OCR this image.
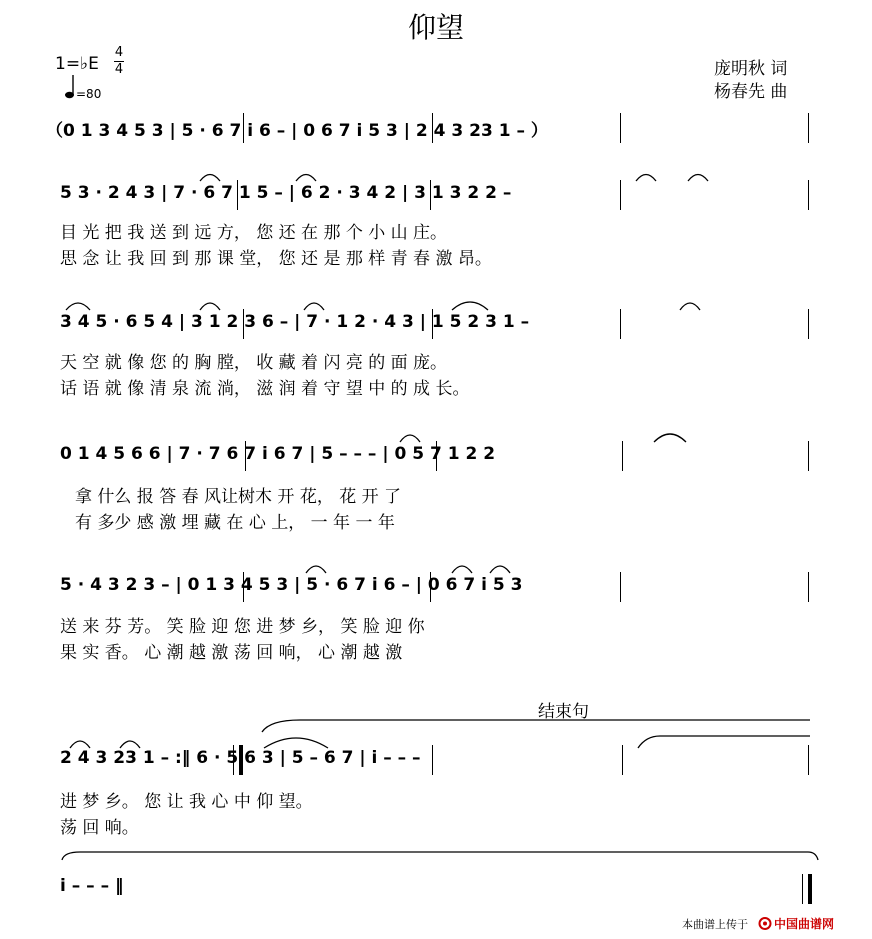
仰望
1=♭E
4
4
=80
庞明秋 词
杨春先 曲
（0 1 3 4 5 3 | 5 · 6 7 i 6 – | 0 6 7 i 5 3 | 2 4 3 23 1 – ）
5 3 · 2 4 3 | 7 · 6 7 1 5 – | 6 2 · 3 4 2 | 3 1 3 2 2 –
目 光 把 我 送 到 远 方， 您 还 在 那 个 小 山 庄。
思 念 让 我 回 到 那 课 堂， 您 还 是 那 样 青 春 激 昂。
3 4 5 · 6 5 4 | 3 1 2 3 6 – | 7 · 1 2 · 4 3 | 1 5 2 3 1 –
天 空 就 像 您 的 胸 膛， 收 藏 着 闪 亮 的 面 庞。
话 语 就 像 清 泉 流 淌， 滋 润 着 守 望 中 的 成 长。
0 1 4 5 6 6 | 7 · 7 6 7 i 6 7 | 5 – – – | 0 5 7 1 2 2
拿 什么 报 答 春 风让树木 开 花， 花 开 了
有 多少 感 激 埋 藏 在 心 上， 一 年 一 年
5 · 4 3 2 3 – | 0 1 3 4 5 3 | 5 · 6 7 i 6 – | 0 6 7 i 5 3
送 来 芬 芳。 笑 脸 迎 您 进 梦 乡， 笑 脸 迎 你
果 实 香。 心 潮 越 激 荡 回 响， 心 潮 越 激
结束句
2 4 3 23 1 – :‖ 6 · 5 6 3 | 5 – 6 7 | i – – –
进 梦 乡。 您 让 我 心 中 仰 望。
荡 回 响。
i – – – ‖
本曲谱上传于 中国曲谱网
